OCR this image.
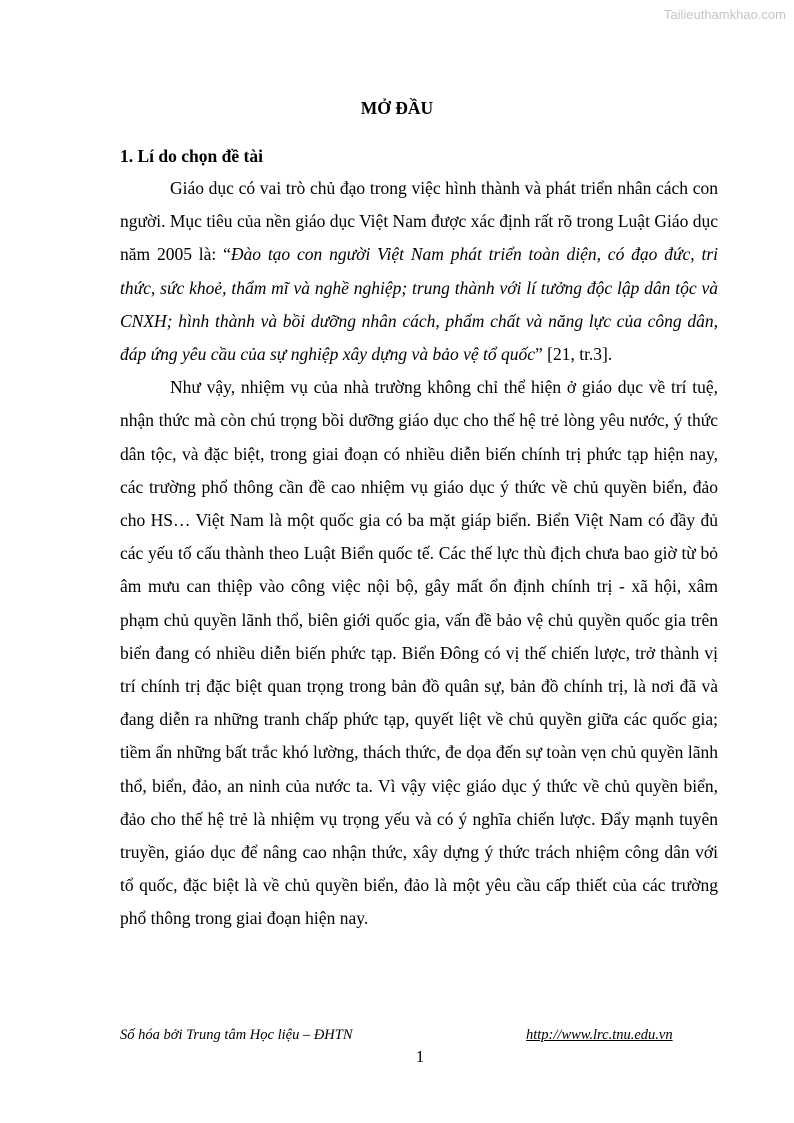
Tailieuthamkhao.com
MỞ ĐẦU
1. Lí do chọn đề tài

Giáo dục có vai trò chủ đạo trong việc hình thành và phát triển nhân cách con người. Mục tiêu của nền giáo dục Việt Nam được xác định rất rõ trong Luật Giáo dục năm 2005 là: “Đào tạo con người Việt Nam phát triển toàn diện, có đạo đức, tri thức, sức khoẻ, thẩm mĩ và nghề nghiệp; trung thành với lí tưởng độc lập dân tộc và CNXH; hình thành và bồi dưỡng nhân cách, phẩm chất và năng lực của công dân, đáp ứng yêu cầu của sự nghiệp xây dựng và bảo vệ tổ quốc” [21, tr.3].

Như vậy, nhiệm vụ của nhà trường không chỉ thể hiện ở giáo dục về trí tuệ, nhận thức mà còn chú trọng bồi dưỡng giáo dục cho thế hệ trẻ lòng yêu nước, ý thức dân tộc, và đặc biệt, trong giai đoạn có nhiều diễn biến chính trị phức tạp hiện nay, các trường phổ thông cần đề cao nhiệm vụ giáo dục ý thức về chủ quyền biển, đảo cho HS… Việt Nam là một quốc gia có ba mặt giáp biển. Biển Việt Nam có đầy đủ các yếu tố cấu thành theo Luật Biển quốc tế. Các thế lực thù địch chưa bao giờ từ bỏ âm mưu can thiệp vào công việc nội bộ, gây mất ổn định chính trị - xã hội, xâm phạm chủ quyền lãnh thổ, biên giới quốc gia, vấn đề bảo vệ chủ quyền quốc gia trên biển đang có nhiều diễn biến phức tạp. Biển Đông có vị thế chiến lược, trở thành vị trí chính trị đặc biệt quan trọng trong bản đồ quân sự, bản đồ chính trị, là nơi đã và đang diễn ra những tranh chấp phức tạp, quyết liệt về chủ quyền giữa các quốc gia; tiềm ẩn những bất trắc khó lường, thách thức, đe dọa đến sự toàn vẹn chủ quyền lãnh thổ, biển, đảo, an ninh của nước ta. Vì vậy việc giáo dục ý thức về chủ quyền biển, đảo cho thế hệ trẻ là nhiệm vụ trọng yếu và có ý nghĩa chiến lược. Đẩy mạnh tuyên truyền, giáo dục để nâng cao nhận thức, xây dựng ý thức trách nhiệm công dân với tổ quốc, đặc biệt là về chủ quyền biển, đảo là một yêu cầu cấp thiết của các trường phổ thông trong giai đoạn hiện nay.

Số hóa bởi Trung tâm Học liệu – ĐHTN	http://www.lrc.tnu.edu.vn
1
